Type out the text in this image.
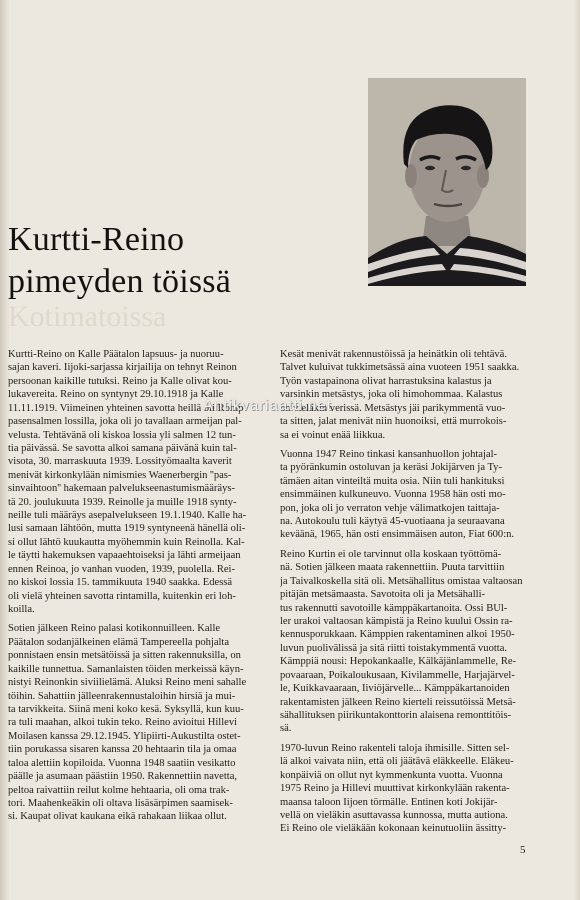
Kurtti-Reino
pimeyden töissä
Kotimatoissa
Kurtti-Reino on Kalle Päätalon lapsuus- ja nuoruu-
sajan kaveri. Iijoki-sarjassa kirjailija on tehnyt Reinon
persoonan kaikille tutuksi. Reino ja Kalle olivat kou-
lukavereita. Reino on syntynyt 29.10.1918 ja Kalle
11.11.1919. Viimeinen yhteinen savotta heillä oli Romp-
pasensalmen lossilla, joka oli jo tavallaan armeijan pal-
velusta. Tehtävänä oli kiskoa lossia yli salmen 12 tun-
tia päivässä. Se savotta alkoi samana päivänä kuin tal-
visota, 30. marraskuuta 1939. Lossityömaalta kaverit
menivät kirkonkylään nimismies Waenerbergin ''pas-
sinvaihtoon'' hakemaan palvelukseenastumismääräys-
tä 20. joulukuuta 1939. Reinolle ja muille 1918 synty-
neille tuli määräys asepalvelukseen 19.1.1940. Kalle ha-
lusi samaan lähtöön, mutta 1919 syntyneenä hänellä oli-
si ollut lähtö kuukautta myöhemmin kuin Reinolla. Kal-
le täytti hakemuksen vapaaehtoiseksi ja lähti armeijaan
ennen Reinoa, jo vanhan vuoden, 1939, puolella. Rei-
no kiskoi lossia 15. tammikuuta 1940 saakka. Edessä
oli vielä yhteinen savotta rintamilla, kuitenkin eri loh-
koilla.
Sotien jälkeen Reino palasi kotikonnuilleen. Kalle
Päätalon sodanjälkeinen elämä Tampereella pohjalta
ponnistaen ensin metsätöissä ja sitten rakennuksilla, on
kaikille tunnettua. Samanlaisten töiden merkeissä käyn-
nistyi Reinonkin siviilielämä. Aluksi Reino meni sahalle
töihin. Sahattiin jälleenrakennustaloihin hirsiä ja mui-
ta tarvikkeita. Siinä meni koko kesä. Syksyllä, kun kuu-
ra tuli maahan, alkoi tukin teko. Reino avioitui Hillevi
Moilasen kanssa 29.12.1945. Ylipiirti-Aukustilta ostet-
tiin porukassa sisaren kanssa 20 hehtaarin tila ja omaa
taloa alettiin kopiloida. Vuonna 1948 saatiin vesikatto
päälle ja asumaan päästiin 1950. Rakennettiin navetta,
peltoa raivattiin reilut kolme hehtaaria, oli oma trak-
tori. Maahenkeäkin oli oltava lisäsärpimen saamisek-
si. Kaupat olivat kaukana eikä rahakaan liikaa ollut.
Kesät menivät rakennustöissä ja heinätkin oli tehtävä.
Talvet kuluivat tukkimetsässä aina vuoteen 1951 saakka.
Työn vastapainona olivat harrastuksina kalastus ja
varsinkin metsästys, joka oli himohommaa. Kalastus
on vieläkin verissä. Metsästys jäi parikymmentä vuo-
ta sitten, jalat menivät niin huonoiksi, että murrokois-
sa ei voinut enää liikkua.
Vuonna 1947 Reino tinkasi kansanhuollon johtajal-
ta pyöränkumin ostoluvan ja keräsi Jokijärven ja Ty-
tämäen aitan vinteiltä muita osia. Niin tuli hankituksi
ensimmäinen kulkuneuvo. Vuonna 1958 hän osti mo-
pon, joka oli jo verraton vehje välimatkojen taittaja-
na. Autokoulu tuli käytyä 45-vuotiaana ja seuraavana
keväänä, 1965, hän osti ensimmäisen auton, Fiat 600:n.
Reino Kurtin ei ole tarvinnut olla koskaan työttömä-
nä. Sotien jälkeen maata rakennettiin. Puuta tarvittiin
ja Taivalkoskella sitä oli. Metsähallitus omistaa valtaosan
pitäjän metsämaasta. Savotoita oli ja Metsähalli-
tus rakennutti savotoille kämppäkartanoita. Ossi BUl-
ler urakoi valtaosan kämpistä ja Reino kuului Ossin ra-
kennusporukkaan. Kämppien rakentaminen alkoi 1950-
luvun puolivälissä ja sitä riitti toistakymmentä vuotta.
Kämppiä nousi: Hepokankaalle, Kälkäjänlammelle, Re-
povaaraan, Poikaloukusaan, Kivilammelle, Harjajärvel-
le, Kuikkavaaraan, Iiviöjärvelle... Kämppäkartanoiden
rakentamisten jälkeen Reino kierteli reissutöissä Metsä-
sähallituksen piirikuntakonttorin alaisena remonttitöis-
sä.
1970-luvun Reino rakenteli taloja ihmisille. Sitten sel-
lä alkoi vaivata niin, että oli jäätävä eläkkeelle. Eläkeu-
konpäiviä on ollut nyt kymmenkunta vuotta. Vuonna
1975 Reino ja Hillevi muuttivat kirkonkylään rakenta-
maansa taloon Iijoen törmälle. Entinen koti Jokijär-
vellä on vieläkin asuttavassa kunnossa, mutta autiona.
Ei Reino ole vieläkään kokonaan keinutuoliin ässitty-
Antikvariaatti.net
5
